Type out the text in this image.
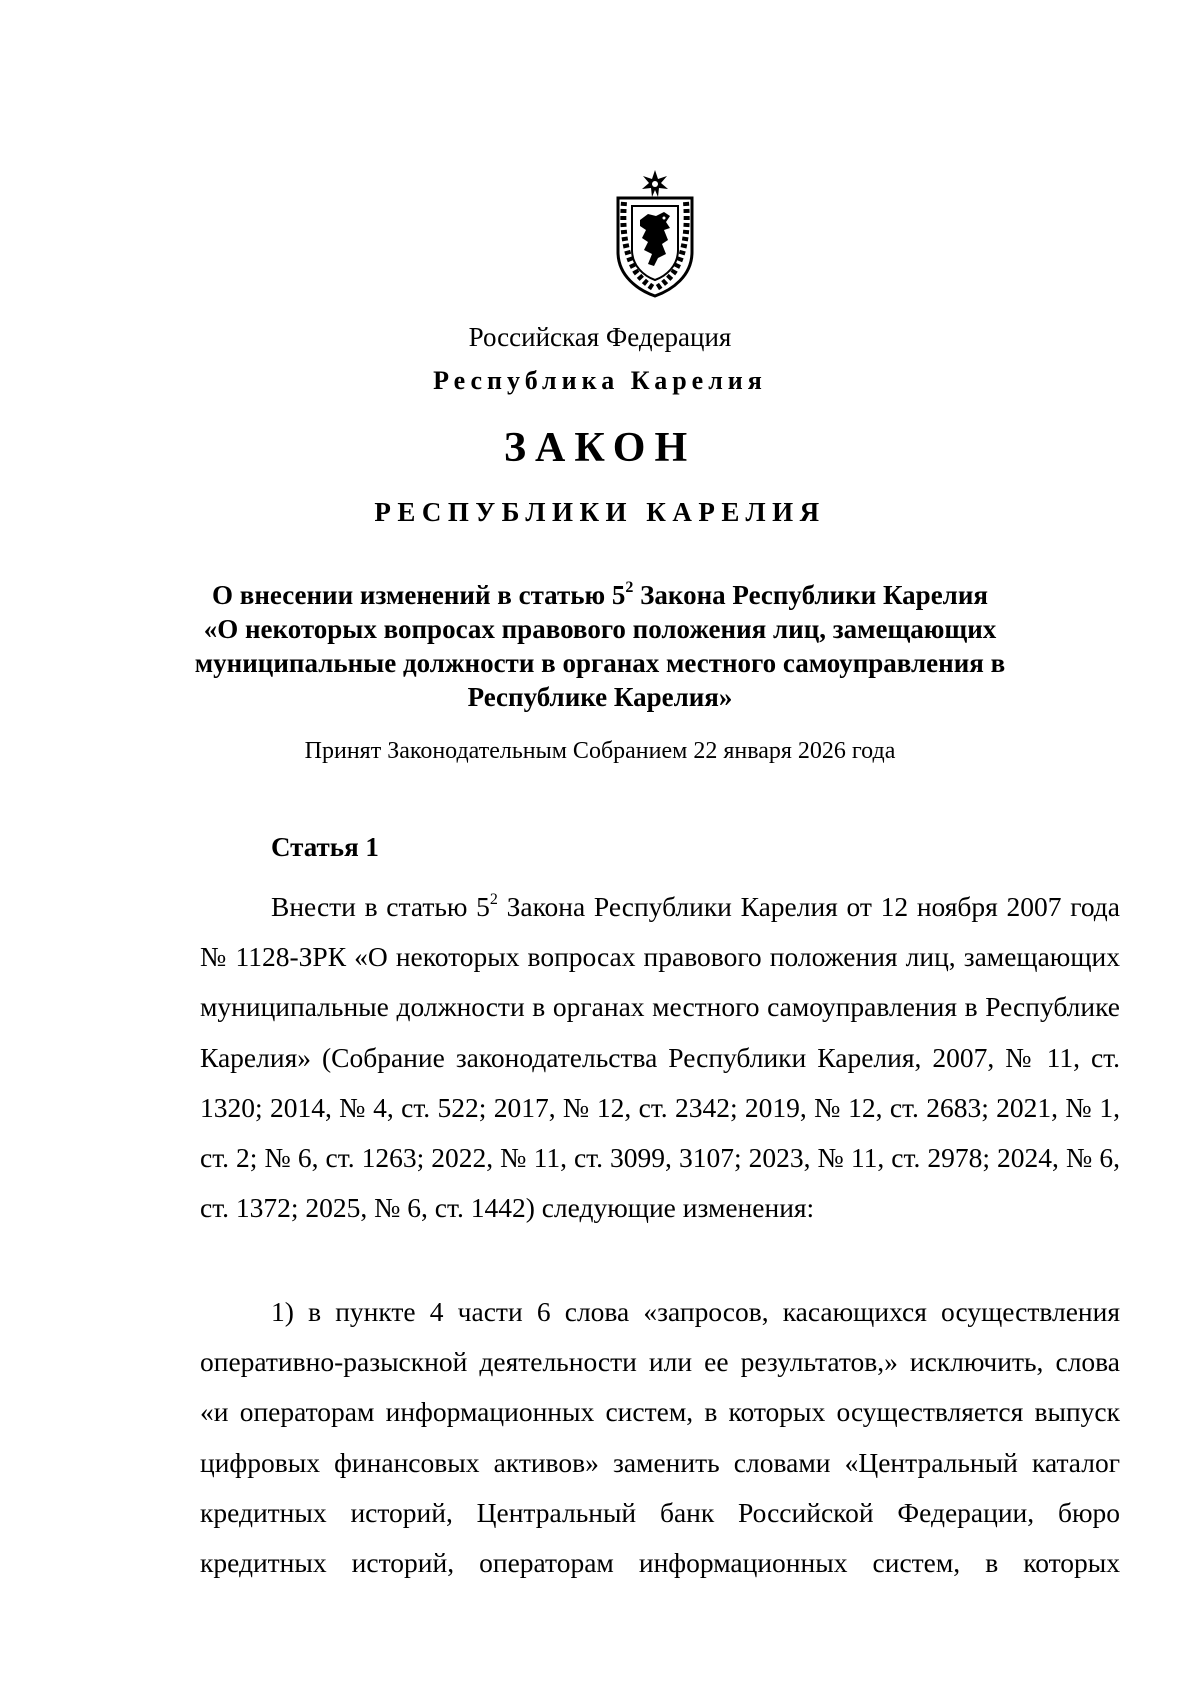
Российская Федерация
Республика Карелия
ЗАКОН
РЕСПУБЛИКИ КАРЕЛИЯ
О внесении изменений в статью $5^2$ Закона Республики Карелия
«О некоторых вопросах правового положения лиц, замещающих
муниципальные должности в органах местного самоуправления в
Республике Карелия»
Принят Законодательным Собранием 22 января 2026 года
Статья 1

Внести в статью $5^2$ Закона Республики Карелия от 12 ноября 2007 года № 1128-ЗРК «О некоторых вопросах правового положения лиц, замещающих муниципальные должности в органах местного самоуправления в Республике Карелия» (Собрание законодательства Республики Карелия, 2007, № 11, ст. 1320; 2014, № 4, ст. 522; 2017, № 12, ст. 2342; 2019, № 12, ст. 2683; 2021, № 1, ст. 2; № 6, ст. 1263; 2022, № 11, ст. 3099, 3107; 2023, № 11, ст. 2978; 2024, № 6, ст. 1372; 2025, № 6, ст. 1442) следующие изменения:

1) в пункте 4 части 6 слова «запросов, касающихся осуществления оперативно-разыскной деятельности или ее результатов,» исключить, слова «и операторам информационных систем, в которых осуществляется выпуск цифровых финансовых активов» заменить словами «Центральный каталог кредитных историй, Центральный банк Российской Федерации, бюро кредитных историй, операторам информационных систем, в которых
